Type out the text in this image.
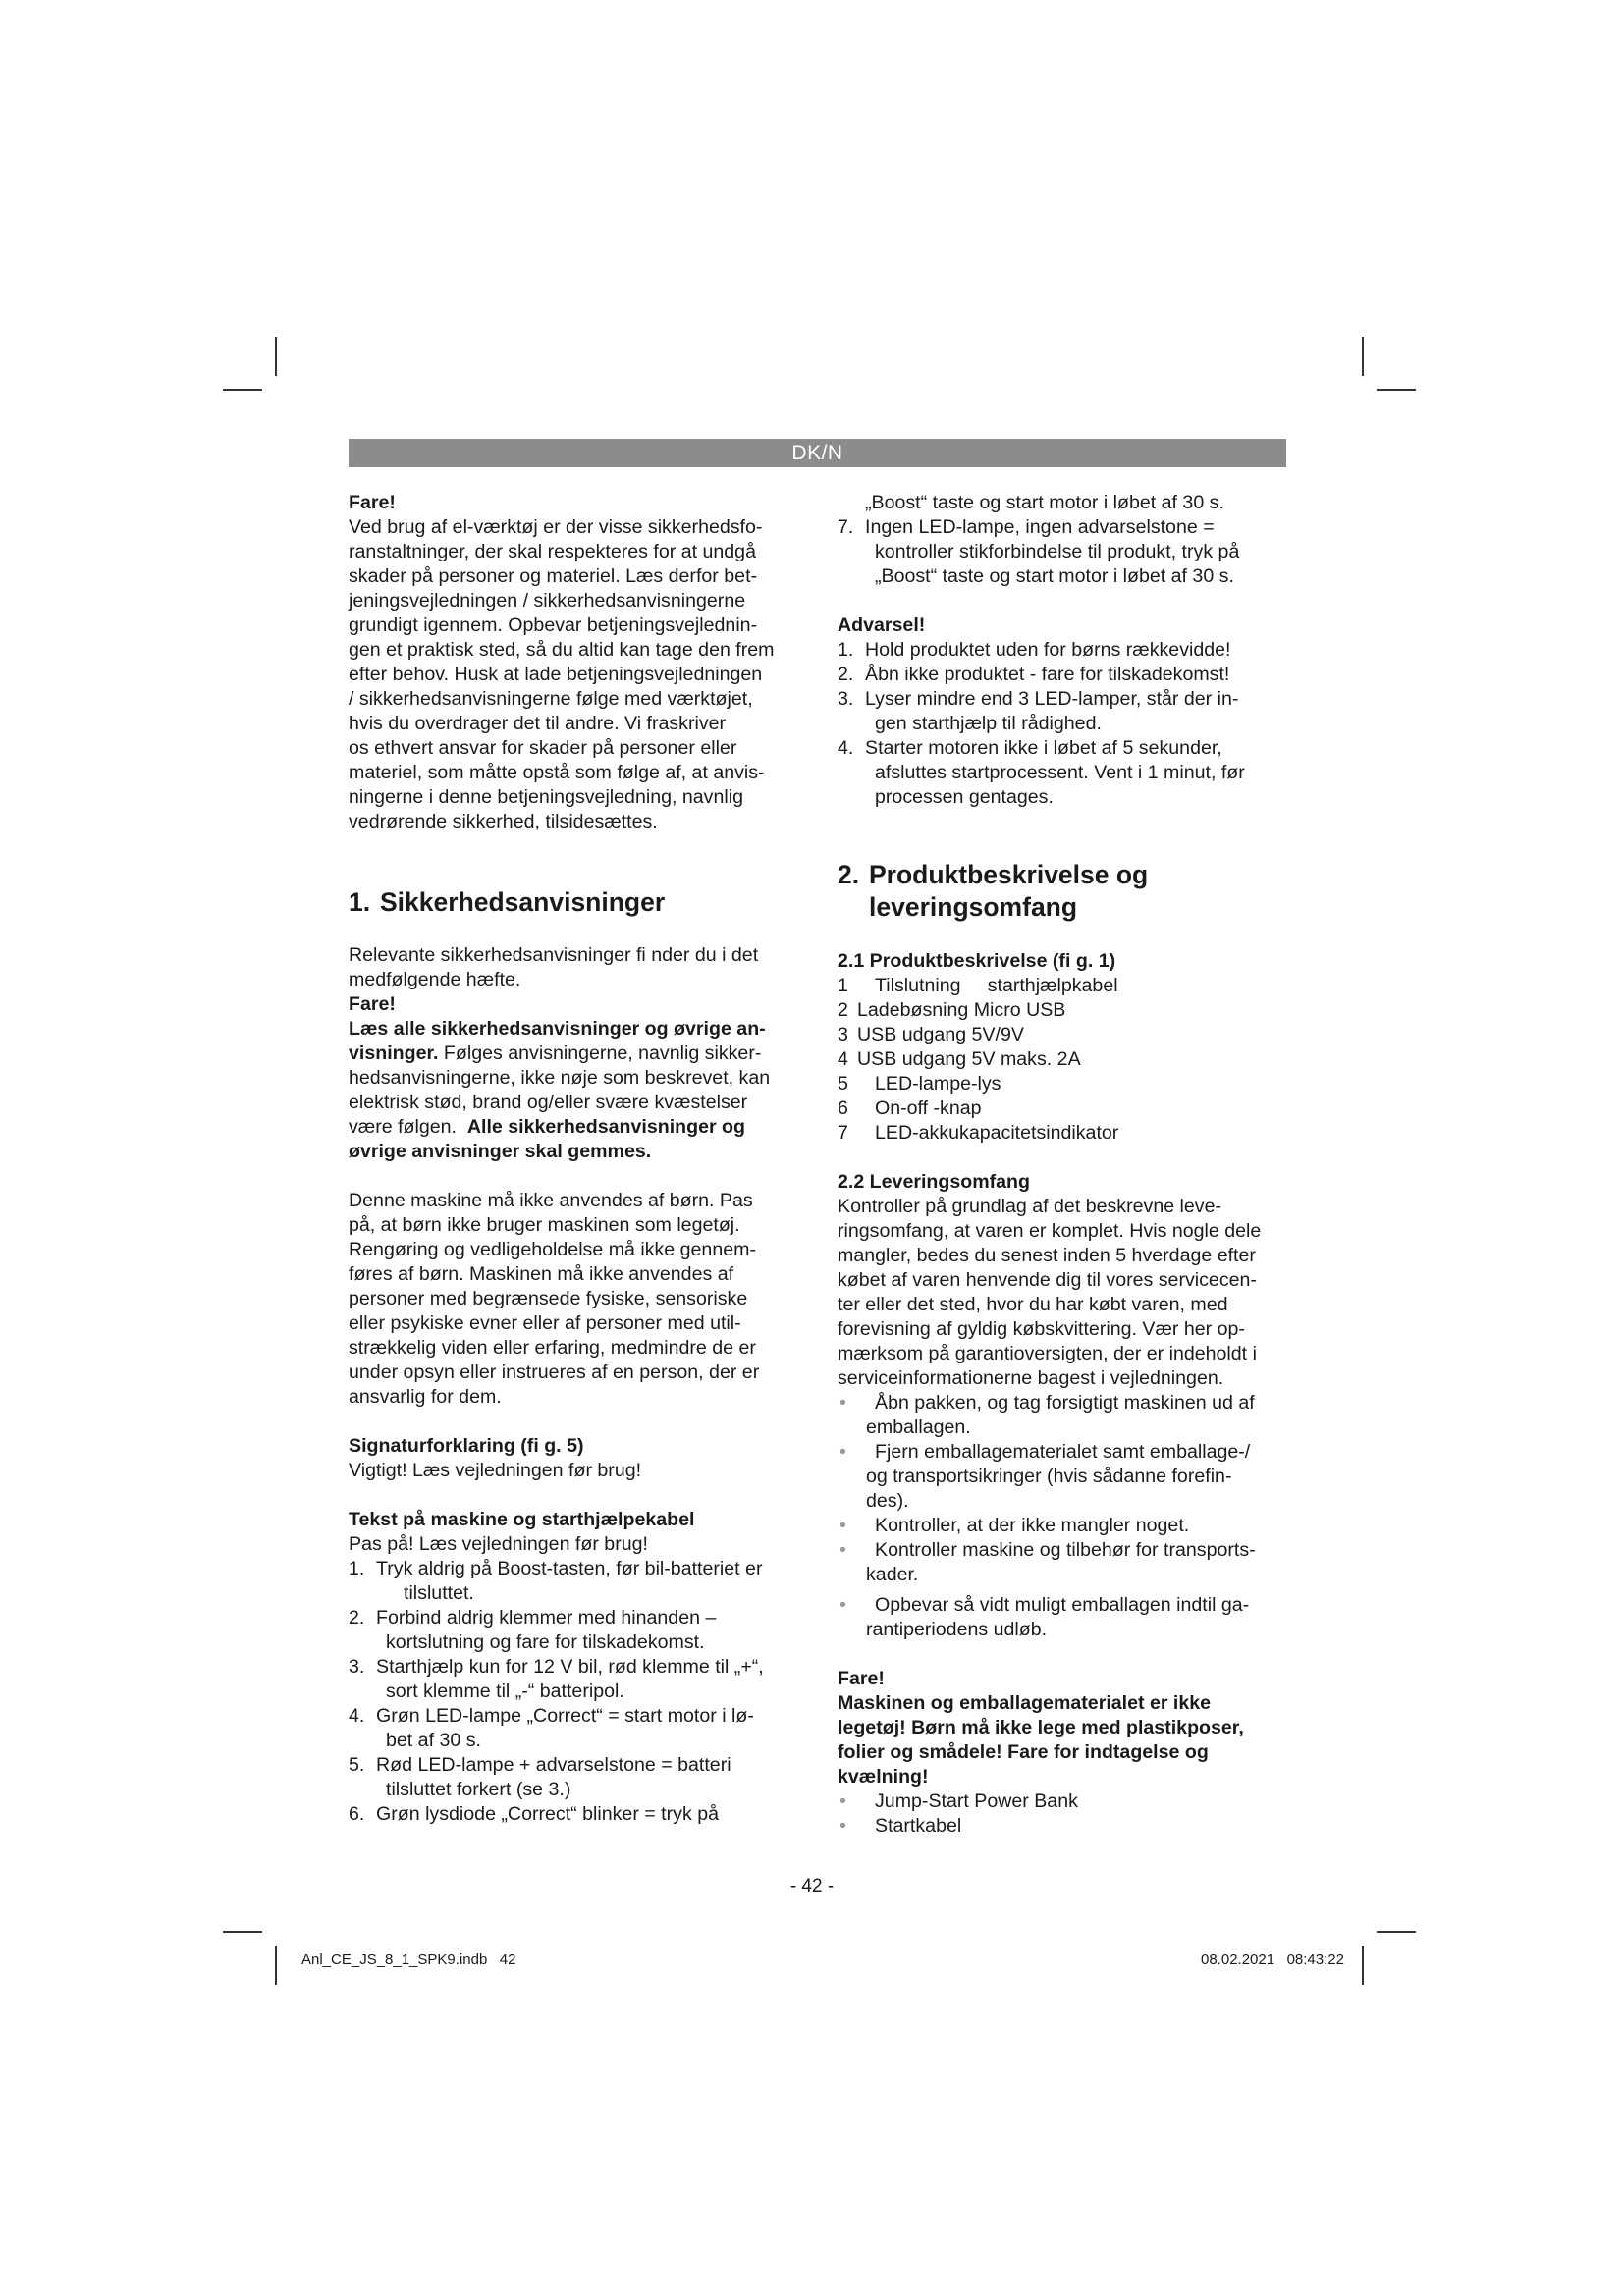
DK/N

Fare!

Ved brug af el-værktøj er der visse sikkerhedsfo-

ranstaltninger, der skal respekteres for at undgå

skader på personer og materiel. Læs derfor bet-

jeningsvejledningen / sikkerhedsanvisningerne

grundigt igennem. Opbevar betjeningsvejlednin-

gen et praktisk sted, så du altid kan tage den frem

efter behov. Husk at lade betjeningsvejledningen

/ sikkerhedsanvisningerne følge med værktøjet,

hvis du overdrager det til andre. Vi fraskriver

os ethvert ansvar for skader på personer eller

materiel, som måtte opstå som følge af, at anvis-

ningerne i denne betjeningsvejledning, navnlig

vedrørende sikkerhed, tilsidesættes.

1. Sikkerhedsanvisninger

Relevante sikkerhedsanvisninger fi nder du i det

medfølgende hæfte.

Fare!

Læs alle sikkerhedsanvisninger og øvrige an-

visninger. Følges anvisningerne, navnlig sikker-

hedsanvisningerne, ikke nøje som beskrevet, kan

elektrisk stød, brand og/eller svære kvæstelser

være følgen.  Alle sikkerhedsanvisninger og

øvrige anvisninger skal gemmes.

Denne maskine må ikke anvendes af børn. Pas

på, at børn ikke bruger maskinen som legetøj.

Rengøring og vedligeholdelse må ikke gennem-

føres af børn. Maskinen må ikke anvendes af

personer med begrænsede fysiske, sensoriske

eller psykiske evner eller af personer med util-

strækkelig viden eller erfaring, medmindre de er

under opsyn eller instrueres af en person, der er

ansvarlig for dem.

Signaturforklaring (fi g. 5)

Vigtigt! Læs vejledningen før brug!

Tekst på maskine og starthjælpekabel

Pas på! Læs vejledningen før brug!

1. Tryk aldrig på Boost-tasten, før bil-batteriet er
tilsluttet.
2. Forbind aldrig klemmer med hinanden –
kortslutning og fare for tilskadekomst.
3. Starthjælp kun for 12 V bil, rød klemme til „+“,
sort klemme til „-“ batteripol.
4. Grøn LED-lampe „Correct“ = start motor i lø-
bet af 30 s.
5. Rød LED-lampe + advarselstone = batteri
tilsluttet forkert (se 3.)
6. Grøn lysdiode „Correct“ blinker = tryk på

„Boost“ taste og start motor i løbet af 30 s.

7. Ingen LED-lampe, ingen advarselstone =
kontroller stikforbindelse til produkt, tryk på
„Boost“ taste og start motor i løbet af 30 s.

Advarsel!

1. Hold produktet uden for børns rækkevidde!
2. Åbn ikke produktet - fare for tilskadekomst!
3. Lyser mindre end 3 LED-lamper, står der in-
gen starthjælp til rådighed.
4. Starter motoren ikke i løbet af 5 sekunder,
afsluttes startprocessent. Vent i 1 minut, før
processen gentages.
2. Produktbeskrivelse og
leveringsomfang

2.1 Produktbeskrivelse (fi g. 1)

1	Tilslutning     starthjælpkabel
2 Ladebøsning Micro USB
3 USB udgang 5V/9V
4 USB udgang 5V maks. 2A
5	LED-lampe-lys
6	On-off -knap
7	LED-akkukapacitetsindikator

2.2 Leveringsomfang

Kontroller på grundlag af det beskrevne leve-

ringsomfang, at varen er komplet. Hvis nogle dele

mangler, bedes du senest inden 5 hverdage efter

købet af varen henvende dig til vores servicecen-

ter eller det sted, hvor du har købt varen, med

forevisning af gyldig købskvittering. Vær her op-

mærksom på garantioversigten, der er indeholdt i

serviceinformationerne bagest i vejledningen.

•	Åbn pakken, og tag forsigtigt maskinen ud af
emballagen.
•	Fjern emballagematerialet samt emballage-/
og transportsikringer (hvis sådanne forefin-
des).
•	Kontroller, at der ikke mangler noget.
•	Kontroller maskine og tilbehør for transports-
kader.
•	Opbevar så vidt muligt emballagen indtil ga-
rantiperiodens udløb.

Fare!

Maskinen og emballagematerialet er ikke

legetøj! Børn må ikke lege med plastikposer,

folier og smådele! Fare for indtagelse og

kvælning!

•	Jump-Start Power Bank
•	Startkabel
- 42 -
Anl_CE_JS_8_1_SPK9.indb   42	08.02.2021   08:43:22
